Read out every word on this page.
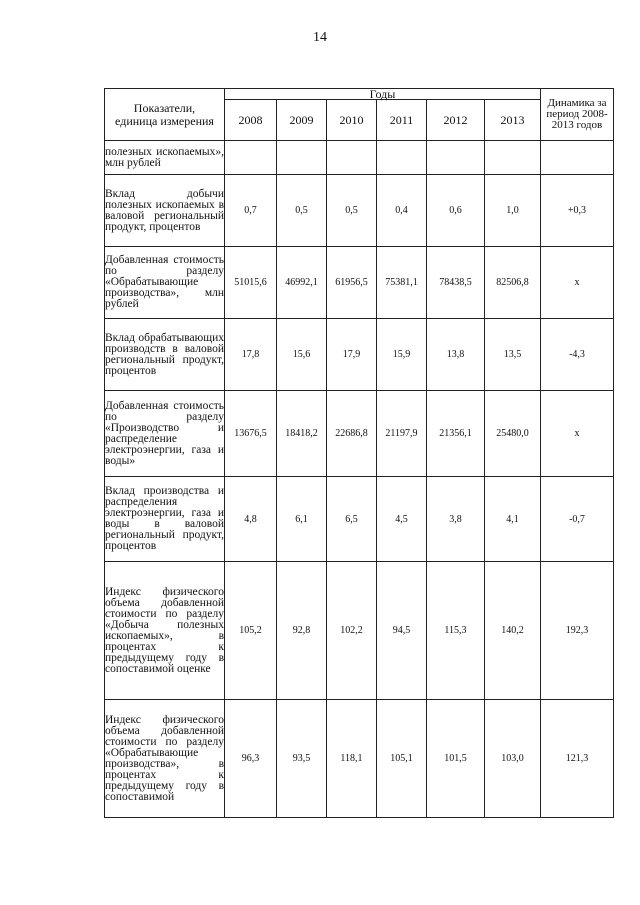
14
Показатели,
единица измерения	Годы						Динамика за период 2008-2013 годов
	2008	2009	2010	2011	2012	2013	
полезных ископаемых», млн рублей							
Вклад добычи полезных ископаемых в валовой региональный продукт, процентов	0,7	0,5	0,5	0,4	0,6	1,0	+0,3
Добавленная стоимость по разделу «Обрабатывающие производства», млн рублей	51015,6	46992,1	61956,5	75381,1	78438,5	82506,8	x
Вклад обрабатывающих производств в валовой региональный продукт, процентов	17,8	15,6	17,9	15,9	13,8	13,5	-4,3
Добавленная стоимость по разделу «Производство и распределение электроэнергии, газа и воды»	13676,5	18418,2	22686,8	21197,9	21356,1	25480,0	x
Вклад производства и распределения электроэнергии, газа и воды в валовой региональный продукт, процентов	4,8	6,1	6,5	4,5	3,8	4,1	-0,7
Индекс физического объема добавленной стоимости по разделу «Добыча полезных ископаемых», в процентах к предыдущему году в сопоставимой оценке	105,2	92,8	102,2	94,5	115,3	140,2	192,3
Индекс физического объема добавленной стоимости по разделу «Обрабатывающие производства», в процентах к предыдущему году в сопоставимой	96,3	93,5	118,1	105,1	101,5	103,0	121,3
